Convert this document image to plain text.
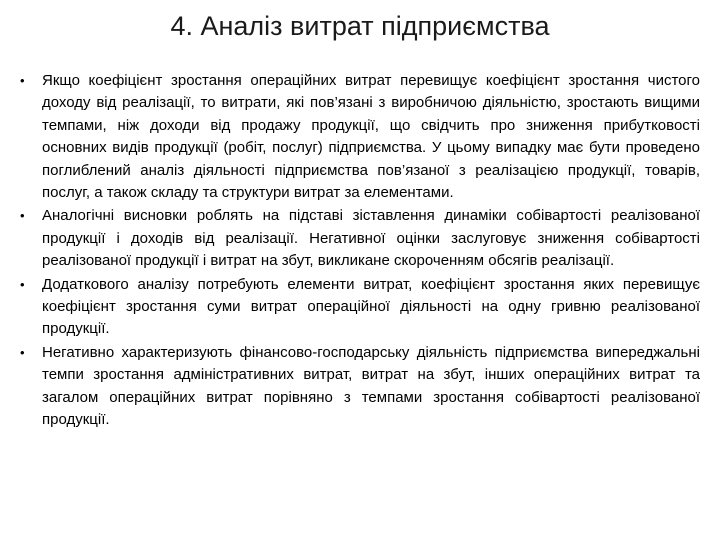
4. Аналіз витрат підприємства
•	Якщо коефіцієнт зростання операційних витрат перевищує коефіцієнт зростання чистого доходу від реалізації, то витрати, які пов’язані з виробничою діяльністю, зростають вищими темпами, ніж доходи від продажу продукції, що свідчить про зниження прибутковості основних видів продукції (робіт, послуг) підприємства. У цьому випадку має бути проведено поглиблений аналіз діяльності підприємства пов’язаної з реалізацією продукції, товарів, послуг, а також складу та структури витрат за елементами.
•	Аналогічні висновки роблять на підставі зіставлення динаміки собівартості реалізованої продукції і доходів від реалізації. Негативної оцінки заслуговує зниження собівартості реалізованої продукції і витрат на збут, викликане скороченням обсягів реалізації.
•	Додаткового аналізу потребують елементи витрат, коефіцієнт зростання яких перевищує коефіцієнт зростання суми витрат операційної діяльності на одну гривню реалізованої продукції.
•	Негативно характеризують фінансово-господарську діяльність підприємства випереджальні темпи зростання адміністративних витрат, витрат на збут, інших операційних витрат та загалом операційних витрат порівняно з темпами зростання собівартості реалізованої продукції.
